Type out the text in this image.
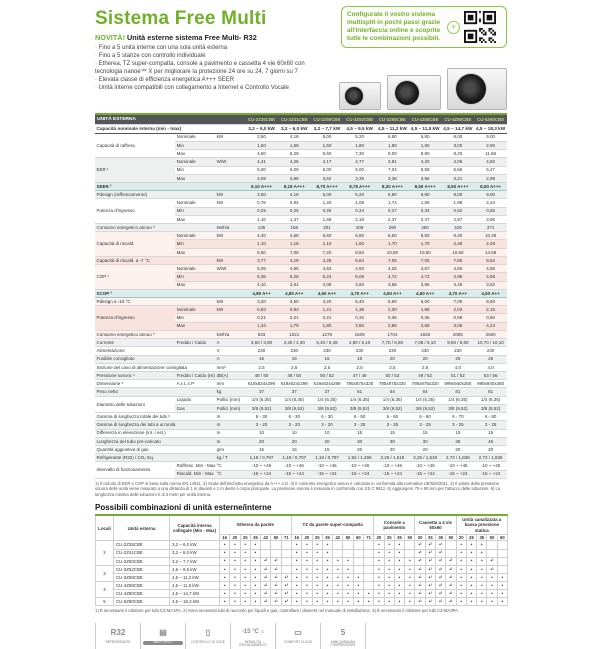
Sistema Free Multi

NOVITÀ! Unità esterne sistema Free Multi- R32

· Fino a 5 unità interne con una sola unità esterna
· Fino a 5 stanze con controllo individuale
· Etherea, TZ super-compatta, console a pavimento e cassetta 4 vie 60x60 con tecnologia nanoe™ X per migliorare la protezione 24 ore su 24, 7 giorni su 7
· Elevata classe di efficienza energetica A+++ SEER
· Unità interne compatibili con collegamento a Internet e Controllo Vocale

Configurate il vostro sistema multisplit in pochi passi grazie all'interfaccia online e scoprite tutte le combinazioni possibili.

+
UNITÀ ESTERNA			CU-2Z35CBE	CU-2Z41CBE	CU-2Z50CBE	CU-3Z52CBE	CU-3Z68CBE	CU-4Z68CBE	CU-4Z80CBE	CU-5Z90CBE
Capacità nominale interna (min - max)			3,2 – 6,0 kW	3,2 – 6,0 kW	3,2 – 7,7 kW	4,5 – 9,5 kW	4,5 – 11,2 kW	4,5 – 11,5 kW	4,5 – 14,7 kW	4,5 – 18,3 kW
Capacità di raffresc.	Nominale	kW	3,50	4,18	5,00	5,20	6,80	6,80	8,00	9,00
	Min		1,50	1,58	1,50	1,80	1,90	1,90	3,00	2,90
	Max		4,50	5,28	5,60	7,30	8,00	8,80	9,20	11,58
EER ¹	Nominale	W/W	4,41	4,26	4,17	4,77	3,91	4,20	4,06	4,82
	Min		6,00	6,08	6,00	5,00	7,04	5,59	5,66	5,27
	Max		4,09	3,88	3,62	3,35	3,38	3,56	3,21	2,98
SEER ²			9,10 A+++	9,18 A+++	8,70 A+++	8,78 A+++	8,20 A+++	8,50 A+++	8,50 A+++	8,50 A+++
Pdesign (raffrescamento)		kW	3,50	4,18	5,00	5,20	6,80	6,80	8,00	9,00
Potenza d'ingresso	Nominale	kW	0,76	0,94	1,20	1,09	1,74	1,59	1,98	2,34
	Min		0,25	0,25	0,25	0,34	0,27	0,34	0,52	0,55
	Max		1,10	1,37	1,69	2,18	2,37	2,47	2,87	3,86
Consumo energetico annuo ³		kWh/a	135	158	201	209	290	280	329	371
Capacità di riscald.	Nominale	kW	4,20	4,68	5,60	6,80	8,50	8,50	9,40	10,48
	Min		1,10	1,18	1,10	1,60	1,70	1,70	2,48	2,48
	Max		5,60	7,08	7,20	8,50	10,60	10,60	10,60	14,58
Capacità di riscald. a -7 °C		kW	3,77	4,18	4,28	5,64	7,05	7,05	7,80	8,62
COP ¹	Nominale	W/W	5,06	4,95	4,63	4,93	4,25	4,67	4,60	4,86
	Min		5,36	5,26	5,24	5,08	4,72	4,72	4,96	4,56
	Max		4,10	3,91	4,08	3,60	3,66	3,96	3,46	3,62
SCOP ²			4,80 A++	4,80 A++	4,60 A++	4,70 A++	4,60 A++	4,60 A++	4,70 A++	4,60 A++
Pdesign a -10 °C		kW	3,20	3,50	4,20	5,40	5,60	6,00	7,00	8,50
Potenza d'ingresso	Nominale	kW	0,83	0,93	1,21	1,38	2,00	1,86	2,03	2,15
	Min		0,21	0,21	0,21	0,32	0,36	0,36	0,58	0,50
	Max		1,34	1,79	1,80	2,50	2,86	2,68	3,06	4,24
Consumo energetico annuo ³		kWh/a	933	1021	1278	1609	1704	1826	2085	2560
Corrente	Freddo / Caldo	A	3,60 / 3,90	4,30 / 4,30	5,40 / 5,48	4,80 / 6,10	7,70 / 8,80	7,08 / 8,10	9,50 / 9,50	10,70 / 10,10
Alimentazione		V	230	230	230	230	230	230	230	230
Fusibile consigliato		A	16	16	16	16	20	20	25	25
Sezione del cavo di alimentazione consigliata		mm²	2,5	2,5	2,5	2,5	2,5	2,5	4,0	4,0
Pressione sonora ⁴	Freddo / Caldo (Hi)	dB(A)	48 / 50	48 / 50	50 / 52	47 / 48	50 / 53	49 / 52	51 / 52	53 / 56
Dimensione ⁵	A x L x P	mm	619x824x299	619x824x299	619x824x299	795x875x320	795x875x320	795x875x320	999x940x360	999x940x360
Peso netto		kg	37	37	37	61	64	64	81	81
Diametro delle tubazioni	Liquido	Pollici (mm)	1/4 (6,35)	1/4 (6,35)	1/4 (6,35)	1/4 (6,35)	1/4 (6,35)	1/4 (6,35)	1/4 (6,35)	1/4 (6,35)
	Gas	Pollici (mm)	3/8 (9,52)	3/8 (9,52)	3/8 (9,52)	3/8 (9,52)	3/8 (9,52)	3/8 (9,52)	3/8 (9,52)	3/8 (9,52)
Gamma di lunghezza totale dei tubi ⁶		m	6 - 30	6 - 30	6 - 30	6 - 50	6 - 60	6 - 60	6 - 70	6 - 80
Gamma di lunghezza dei tubi a un'unità		m	3 - 20	3 - 20	3 - 20	3 - 25	3 - 25	3 - 25	3 - 25	3 - 25
Differenza in elevazione (int. / est.)		m	10	10	10	15	15	15	15	15
Lunghezza del tubo pre-caricato		m	20	20	20	30	30	30	45	45
Quantità aggiuntiva di gas		g/m	15	15	15	20	20	20	20	20
Refrigerante (R32) / CO₂ Eq.		kg / T	1,18 / 0,797	1,18 / 0,797	1,18 / 0,797	1,92 / 1,296	2,25 / 1,519	2,25 / 1,519	2,72 / 1,836	2,72 / 1,836
Intervallo di funzionamento	Raffresc. Min - Max	°C	-10 ~ +46	-10 ~ +46	-10 ~ +46	-10 ~ +46	-10 ~ +46	-10 ~ +46	-10 ~ +46	-10 ~ +46
	Riscald. Min - Max	°C	-15 ~ +24	-15 ~ +24	-15 ~ +24	-15 ~ +24	-15 ~ +24	-15 ~ +24	-15 ~ +24	-15 ~ +24

1) Il calcolo di EER e COP si basa sulla norma EN 14511. 2) Scala dell'etichetta energetica da A+++ a D. 3) Il consumo energetico annuo è calcolato in conformità alla normativa UE/626/2011. 4) Il valore della pressione sonora delle unità viene misurato a una distanza di 1 m davanti e 1 m dietro il corpo principale. La pressione sonora è misurata in conformità con JIS C 9612. 5) Aggiungere 70 e 95 mm per l'attacco delle tubazioni. 6) La lunghezza minima delle tubazioni è di 3 metri per unità interna.

Possibili combinazioni di unità esterne/interne
Locali	Unità esterna	Capacità interna collegate (Min - Max)	Etherea da parete							TZ da parete super-compatta								Console a pavimento				Cassetta a 4 vie 60x60				Unità canalizzata a bassa pressione statica				
			16	20	25	35	42	50	71	16	20	25	35	42	50	60	71	20	25	35	50	20	25	35	50	20	25	35	50	60
2	CU-2Z35CBE	3,2 – 6,0 kW	•	•	•	•				•	•	•	•					•	•	•		•¹	•¹	•¹		•	•	•		
	CU-2Z41CBE	3,2 – 6,0 kW	•	•	•	•				•	•	•	•					•	•	•		•¹	•¹	•¹		•	•	•		
	CU-2Z50CBE	3,2 – 7,7 kW	•	•	•	•	•¹	•¹		•	•	•	•	•	•			•	•	•	•	•¹	•¹	•¹	•¹	•	•	•	•¹	
3	CU-3Z52CBE	4,5 – 9,5 kW	•	•	•	•	•¹	•¹		•	•	•	•	•	•			•	•	•	•	•¹	•¹	•¹	•¹	•	•	•	•¹	
	CU-3Z68CBE	4,5 – 11,2 kW	•	•	•	•	•¹	•¹	•³	•	•	•	•	•	•	•		•	•	•	•	•¹	•¹	•¹	•¹	•	•	•	•	•
4	CU-4Z68CBE	4,5 – 11,5 kW	•	•	•	•	•¹	•¹	•³	•	•	•	•	•	•	•		•	•	•	•	•¹	•¹	•¹	•¹	•	•	•	•	•
	CU-4Z80CBE	4,5 – 14,7 kW	•	•	•	•	•¹	•¹	•³	•	•	•	•	•	•	•	•	•	•	•	•	•¹	•¹	•¹	•¹	•	•	•	•	•
5	CU-5Z90CBE	4,5 – 18,3 kW	•	•	•	•	•¹	•¹	•³	•	•	•	•	•	•	•	•	•	•	•	•	•¹	•¹	•¹	•¹	•	•	•	•	•

1) È necessario il riduttore per tubi CZ-MA1PA. 2) Sono necessari tubi di raccordo per liquidi e gas, controllare i diametri nel manuale di installazione. 3) È necessario il riduttore per tubi CZ-MA3PA.

R32
REFRIGERANTE
▤
MULTI SPLIT
▯
CONTROLLO DI VOCE
-15 °C ⌂
MODALITÀ RISCALDAMENTO
▭
COMFORT CLOUD
5
ANNI GARANZIA COMPRESSORE
